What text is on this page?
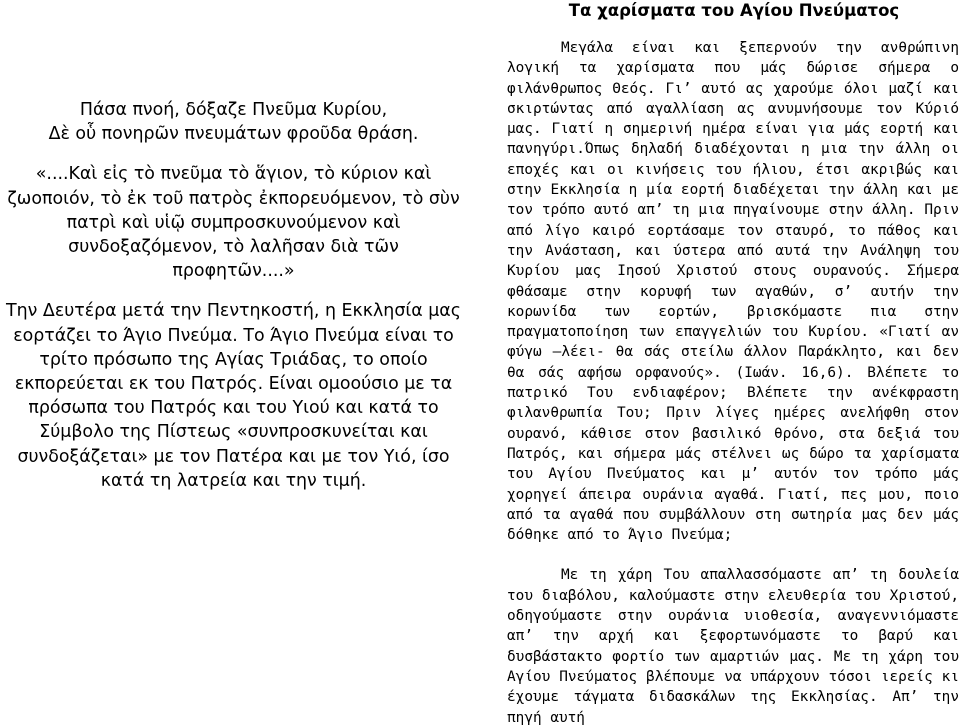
Πάσα πνοή, δόξαζε Πνεῦμα Κυρίου,

Δὲ οὗ πονηρῶν πνευμάτων φροῦδα θράση.

«....Καὶ εἰς τὸ πνεῦμα τὸ ἅγιον, τὸ κύριον καὶ ζωοποιόν, τὸ ἐκ τοῦ πατρὸς ἐκπορευόμενον, τὸ σὺν πατρὶ καὶ υἱῷ συμπροσκυνούμενον καὶ συνδοξαζόμενον, τὸ λαλῆσαν διὰ τῶν προφητῶν....»

Την Δευτέρα μετά την Πεντηκοστή, η Εκκλησία μας εορτάζει το Άγιο Πνεύμα. Το Άγιο Πνεύμα είναι το τρίτο πρόσωπο της Αγίας Τριάδας, το οποίο εκπορεύεται εκ του Πατρός. Είναι ομοούσιο με τα πρόσωπα του Πατρός και του Υιού και κατά το Σύμβολο της Πίστεως «συνπροσκυνείται και συνδοξάζεται» με τον Πατέρα και με τον Υιό, ίσο κατά τη λατρεία και την τιμή.

Τα χαρίσματα του Αγίου Πνεύματος

Μεγάλα είναι και ξεπερνούν την ανθρώπινη λογική τα χαρίσματα που μάς δώρισε σήμερα ο φιλάνθρωπος Θεός. Γι’ αυτό ας χαρούμε όλοι μαζί και σκιρτώντας από αγαλλίαση ας ανυμνήσουμε τον Κύριό μας. Γιατί η σημερινή ημέρα είναι για μάς εορτή και πανηγύρι.Όπως δηλαδή διαδέχονται η μια την άλλη οι εποχές και οι κινήσεις του ήλιου, έτσι ακριβώς και στην Εκκλησία η μία εορτή διαδέχεται την άλλη και με τον τρόπο αυτό απ’ τη μια πηγαίνουμε στην άλλη. Πριν από λίγο καιρό εορτάσαμε τον σταυρό, το πάθος και την Ανάσταση, και ύστερα από αυτά την Ανάληψη του Κυρίου μας Ιησού Χριστού στους ουρανούς. Σήμερα φθάσαμε στην κορυφή των αγαθών, σ’ αυτήν την κορωνίδα των εορτών, βρισκόμαστε πια στην πραγματοποίηση των επαγγελιών του Κυρίου. «Γιατί αν φύγω –λέει- θα σάς στείλω άλλον Παράκλητο, και δεν θα σάς αφήσω ορφανούς». (Ιωάν. 16,6). Βλέπετε τo πατρικό Του ενδιαφέρον; Βλέπετε την ανέκφραστη φιλανθρωπία Του; Πριν λίγες ημέρες ανελήφθη στον ουρανό, κάθισε στον βασιλικό θρόνο, στα δεξιά του Πατρός, και σήμερα μάς στέλνει ως δώρο τα χαρίσματα του Αγίου Πνεύματος και μ’ αυτόν τον τρόπο μάς χορηγεί άπειρα ουράνια αγαθά. Γιατί, πες μου, ποιο από τα αγαθά που συμβάλλουν στη σωτηρία μας δεν μάς δόθηκε από το Άγιο Πνεύμα;

Με τη χάρη Του απαλλασσόμαστε απ’ τη δουλεία του διαβόλου, καλούμαστε στην ελευθερία του Χριστού, οδηγούμαστε στην ουράνια υιοθεσία, αναγεννιόμαστε απ’ την αρχή και ξεφορτωνόμαστε το βαρύ και δυσβάστακτο φορτίο των αμαρτιών μας. Με τη χάρη του Αγίου Πνεύματος βλέπουμε να υπάρχουν τόσοι ιερείς κι έχουμε τάγματα διδασκάλων της Εκκλησίας. Απ’ την πηγή αυτή
